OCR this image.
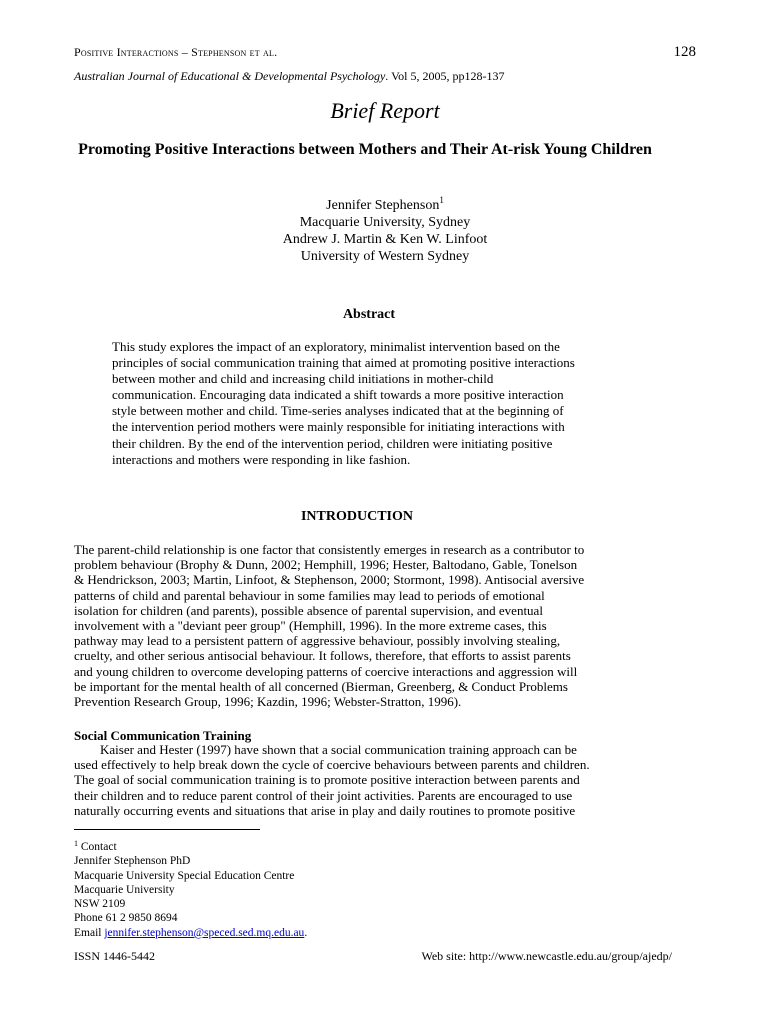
Positive Interactions – Stephenson et al.	128
Australian Journal of Educational & Developmental Psychology. Vol 5, 2005, pp128-137
Brief Report
Promoting Positive Interactions between Mothers and Their At-risk Young Children
Jennifer Stephenson$^1$
Macquarie University, Sydney
Andrew J. Martin & Ken W. Linfoot
University of Western Sydney
Abstract
This study explores the impact of an exploratory, minimalist intervention based on the
principles of social communication training that aimed at promoting positive interactions
between mother and child and increasing child initiations in mother-child
communication. Encouraging data indicated a shift towards a more positive interaction
style between mother and child. Time-series analyses indicated that at the beginning of
the intervention period mothers were mainly responsible for initiating interactions with
their children. By the end of the intervention period, children were initiating positive
interactions and mothers were responding in like fashion.
INTRODUCTION
The parent-child relationship is one factor that consistently emerges in research as a contributor to
problem behaviour (Brophy & Dunn, 2002; Hemphill, 1996; Hester, Baltodano, Gable, Tonelson
& Hendrickson, 2003; Martin, Linfoot, & Stephenson, 2000; Stormont, 1998). Antisocial aversive
patterns of child and parental behaviour in some families may lead to periods of emotional
isolation for children (and parents), possible absence of parental supervision, and eventual
involvement with a "deviant peer group" (Hemphill, 1996). In the more extreme cases, this
pathway may lead to a persistent pattern of aggressive behaviour, possibly involving stealing,
cruelty, and other serious antisocial behaviour. It follows, therefore, that efforts to assist parents
and young children to overcome developing patterns of coercive interactions and aggression will
be important for the mental health of all concerned (Bierman, Greenberg, & Conduct Problems
Prevention Research Group, 1996; Kazdin, 1996; Webster-Stratton, 1996).
Social Communication Training
Kaiser and Hester (1997) have shown that a social communication training approach can be
used effectively to help break down the cycle of coercive behaviours between parents and children.
The goal of social communication training is to promote positive interaction between parents and
their children and to reduce parent control of their joint activities. Parents are encouraged to use
naturally occurring events and situations that arise in play and daily routines to promote positive
$^1$ Contact
Jennifer Stephenson PhD
Macquarie University Special Education Centre
Macquarie University
NSW 2109
Phone 61 2 9850 8694
Email jennifer.stephenson@speced.sed.mq.edu.au.
ISSN 1446-5442	Web site: http://www.newcastle.edu.au/group/ajedp/
